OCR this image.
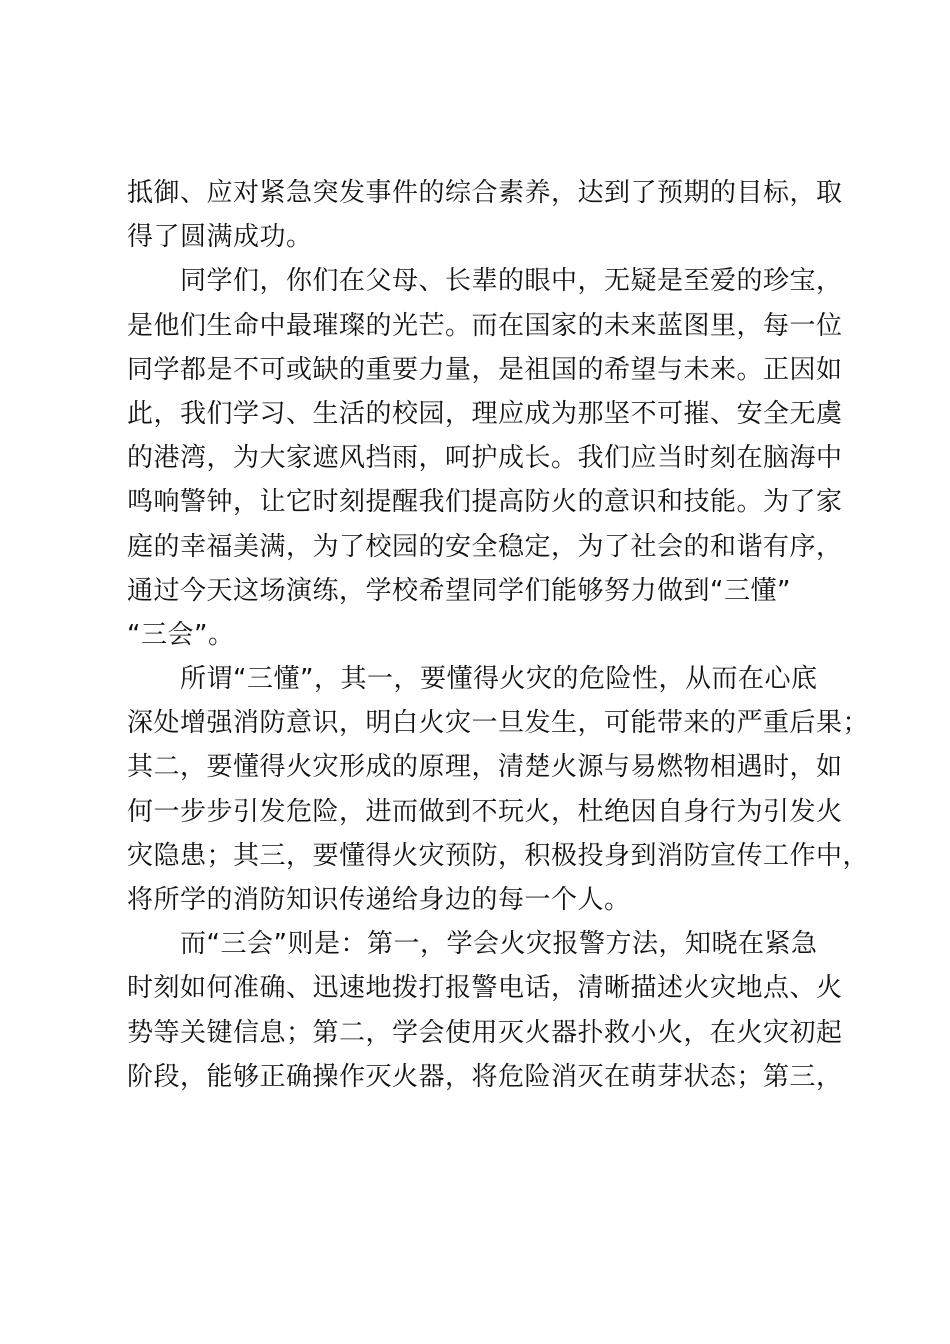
抵御、应对紧急突发事件的综合素养，达到了预期的目标，取
得了圆满成功。
　　同学们，你们在父母、长辈的眼中，无疑是至爱的珍宝，
是他们生命中最璀璨的光芒。而在国家的未来蓝图里，每一位
同学都是不可或缺的重要力量，是祖国的希望与未来。正因如
此，我们学习、生活的校园，理应成为那坚不可摧、安全无虞
的港湾，为大家遮风挡雨，呵护成长。我们应当时刻在脑海中
鸣响警钟，让它时刻提醒我们提高防火的意识和技能。为了家
庭的幸福美满，为了校园的安全稳定，为了社会的和谐有序，
通过今天这场演练，学校希望同学们能够努力做到“三懂”
“三会”。
　　所谓“三懂”，其一，要懂得火灾的危险性，从而在心底
深处增强消防意识，明白火灾一旦发生，可能带来的严重后果；
其二，要懂得火灾形成的原理，清楚火源与易燃物相遇时，如
何一步步引发危险，进而做到不玩火，杜绝因自身行为引发火
灾隐患；其三，要懂得火灾预防，积极投身到消防宣传工作中，
将所学的消防知识传递给身边的每一个人。
　　而“三会”则是：第一，学会火灾报警方法，知晓在紧急
时刻如何准确、迅速地拨打报警电话，清晰描述火灾地点、火
势等关键信息；第二，学会使用灭火器扑救小火，在火灾初起
阶段，能够正确操作灭火器，将危险消灭在萌芽状态；第三，
